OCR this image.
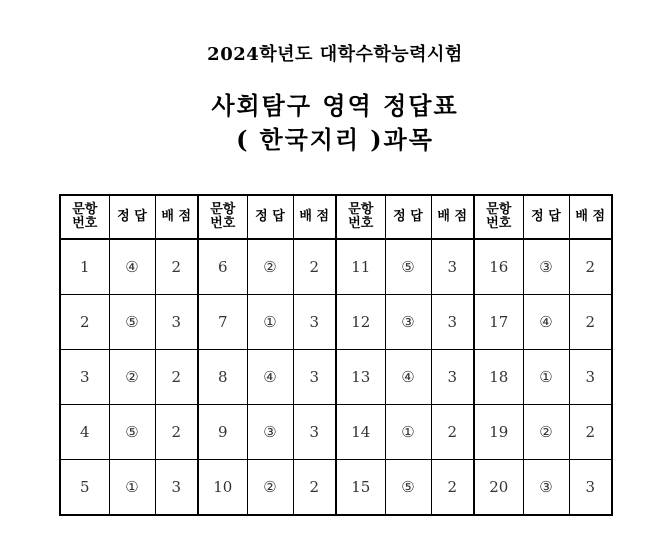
2024학년도 대학수학능력시험
사회탐구 영역 정답표
( 한국지리 )과목
문항
번호	정 답	배 점	문항
번호	정 답	배 점	문항
번호	정 답	배 점	문항
번호	정 답	배 점
1	④	2	6	②	2	11	⑤	3	16	③	2
2	⑤	3	7	①	3	12	③	3	17	④	2
3	②	2	8	④	3	13	④	3	18	①	3
4	⑤	2	9	③	3	14	①	2	19	②	2
5	①	3	10	②	2	15	⑤	2	20	③	3
